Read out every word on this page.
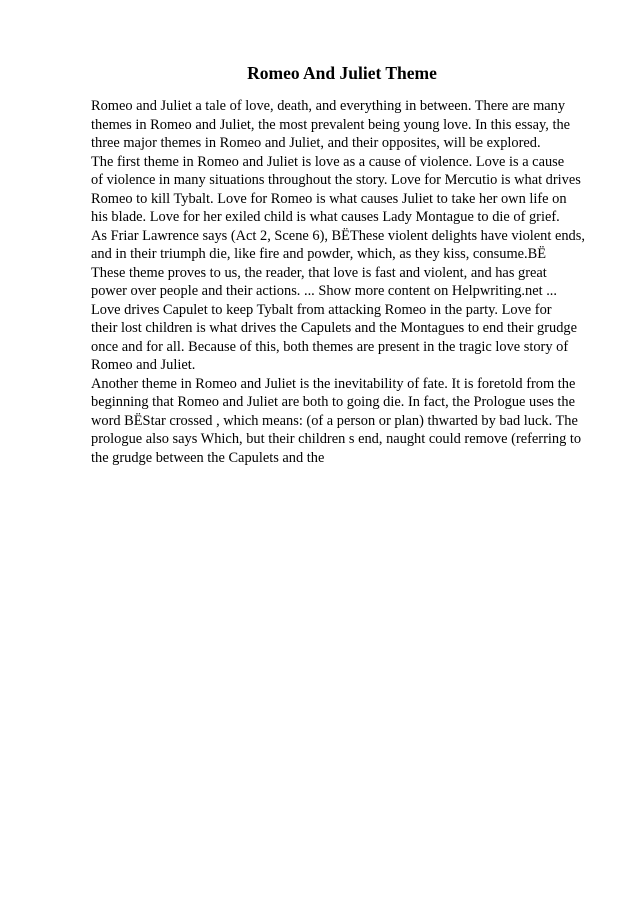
Romeo And Juliet Theme
Romeo and Juliet a tale of love, death, and everything in between. There are many
themes in Romeo and Juliet, the most prevalent being young love. In this essay, the
three major themes in Romeo and Juliet, and their opposites, will be explored.
The first theme in Romeo and Juliet is love as a cause of violence. Love is a cause
of violence in many situations throughout the story. Love for Mercutio is what drives
Romeo to kill Tybalt. Love for Romeo is what causes Juliet to take her own life on
his blade. Love for her exiled child is what causes Lady Montague to die of grief.
As Friar Lawrence says (Act 2, Scene 6), BËThese violent delights have violent ends,
and in their triumph die, like fire and powder, which, as they kiss, consume.BË
These theme proves to us, the reader, that love is fast and violent, and has great
power over people and their actions. ... Show more content on Helpwriting.net ...
Love drives Capulet to keep Tybalt from attacking Romeo in the party. Love for
their lost children is what drives the Capulets and the Montagues to end their grudge
once and for all. Because of this, both themes are present in the tragic love story of
Romeo and Juliet.
Another theme in Romeo and Juliet is the inevitability of fate. It is foretold from the
beginning that Romeo and Juliet are both to going die. In fact, the Prologue uses the
word BËStar crossed , which means: (of a person or plan) thwarted by bad luck. The
prologue also says Which, but their children s end, naught could remove (referring to
the grudge between the Capulets and the
